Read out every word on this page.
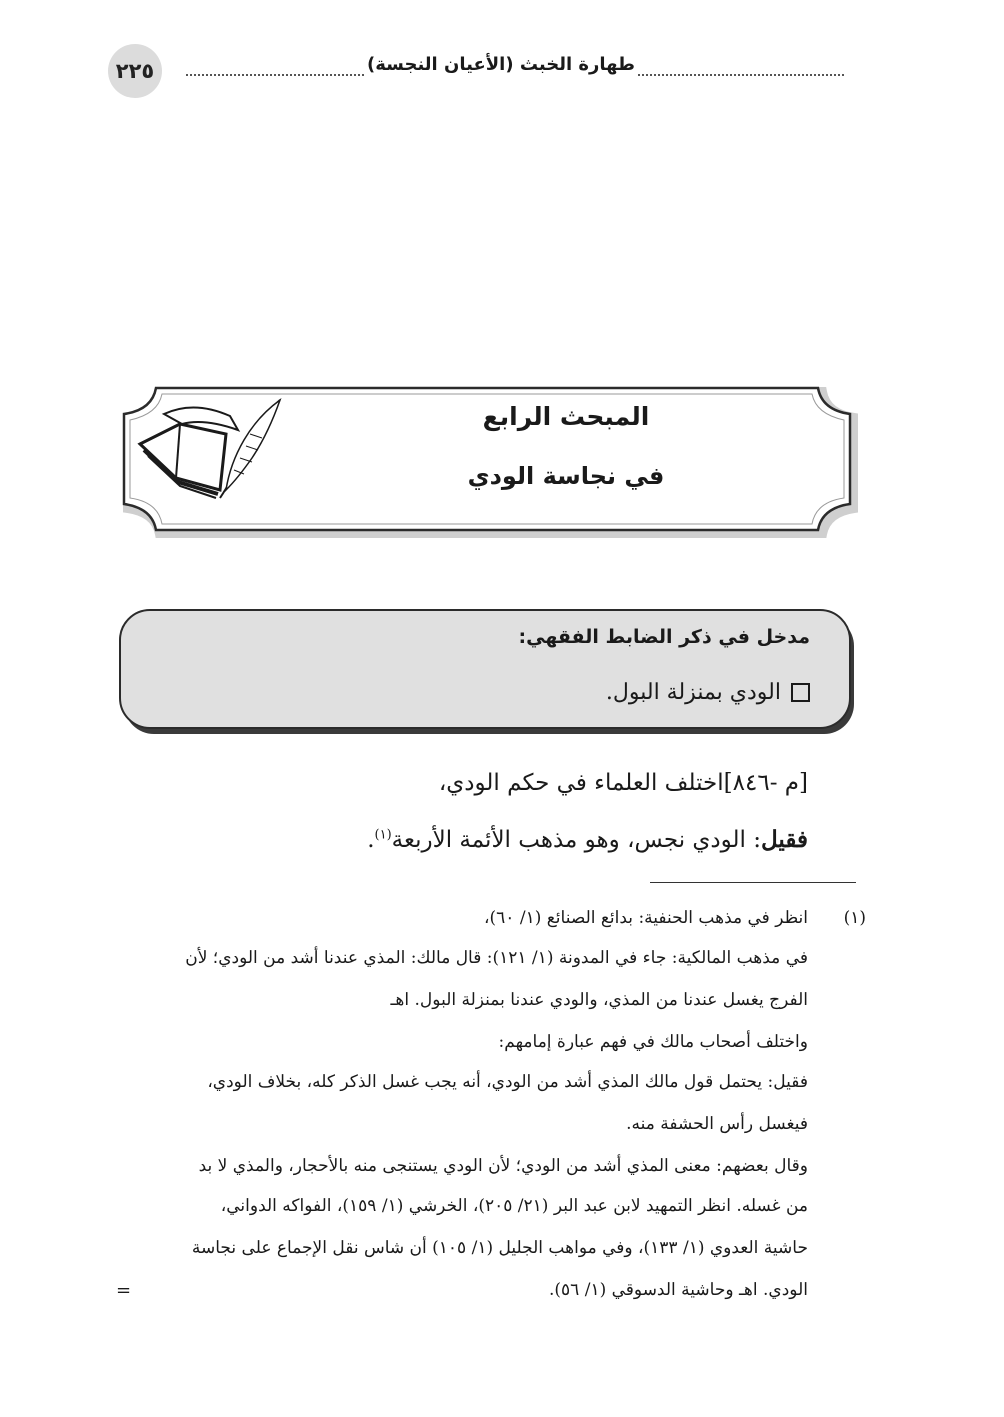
٢٢٥	طهارة الخبث (الأعيان النجسة)
المبحث الرابع
في نجاسة الودي
مدخل في ذكر الضابط الفقهي:
الودي بمنزلة البول.
[م -٨٤٦]اختلف العلماء في حكم الودي،
فقيل: الودي نجس، وهو مذهب الأئمة الأربعة$^{(١)}$.
(١)
انظر في مذهب الحنفية: بدائع الصنائع (١/ ٦٠)،
في مذهب المالكية: جاء في المدونة (١/ ١٢١): قال مالك: المذي عندنا أشد من الودي؛ لأن
الفرج يغسل عندنا من المذي، والودي عندنا بمنزلة البول. اهـ
واختلف أصحاب مالك في فهم عبارة إمامهم:
فقيل: يحتمل قول مالك المذي أشد من الودي، أنه يجب غسل الذكر كله، بخلاف الودي،
فيغسل رأس الحشفة منه.
وقال بعضهم: معنى المذي أشد من الودي؛ لأن الودي يستنجى منه بالأحجار، والمذي لا بد
من غسله. انظر التمهيد لابن عبد البر (٢١/ ٢٠٥)، الخرشي (١/ ١٥٩)، الفواكه الدواني،
حاشية العدوي (١/ ١٣٣)، وفي مواهب الجليل (١/ ١٠٥) أن شاس نقل الإجماع على نجاسة
الودي. اهـ وحاشية الدسوقي (١/ ٥٦).
=
